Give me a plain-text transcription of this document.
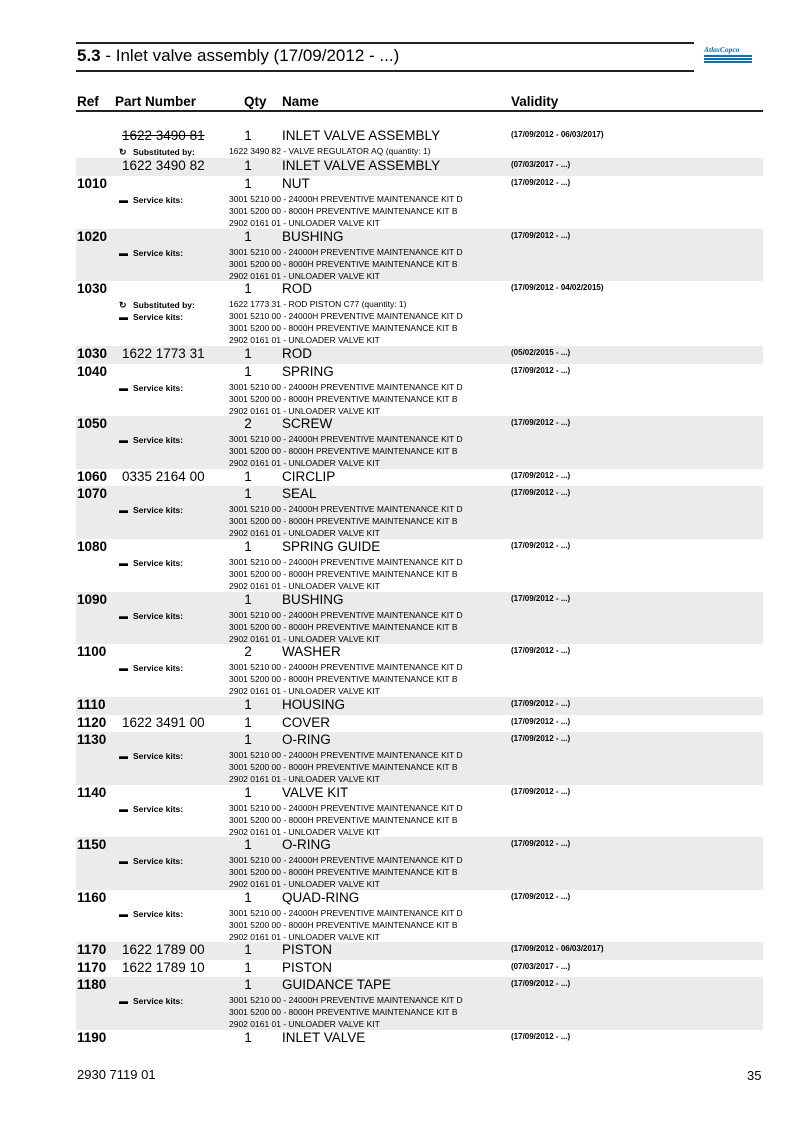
5.3 - Inlet valve assembly (17/09/2012 - ...)	AtlasCopco
Ref Part Number	Qty Name	Validity
1622 3490 81	1 INLET VALVE ASSEMBLY	(17/09/2012 - 06/03/2017)
↻ Substituted by:	1622 3490 82 - VALVE REGULATOR AQ (quantity: 1)
1622 3490 82	1 INLET VALVE ASSEMBLY	(07/03/2017 - ...)
1010	1 NUT	(17/09/2012 - ...)
▬ Service kits:	3001 5210 00 - 24000H PREVENTIVE MAINTENANCE KIT D
3001 5200 00 - 8000H PREVENTIVE MAINTENANCE KIT B
2902 0161 01 - UNLOADER VALVE KIT
1020	1 BUSHING	(17/09/2012 - ...)
▬ Service kits:	3001 5210 00 - 24000H PREVENTIVE MAINTENANCE KIT D
3001 5200 00 - 8000H PREVENTIVE MAINTENANCE KIT B
2902 0161 01 - UNLOADER VALVE KIT
1030	1 ROD	(17/09/2012 - 04/02/2015)
↻ Substituted by:	1622 1773 31 - ROD PISTON C77 (quantity: 1)
▬ Service kits:	3001 5210 00 - 24000H PREVENTIVE MAINTENANCE KIT D
3001 5200 00 - 8000H PREVENTIVE MAINTENANCE KIT B
2902 0161 01 - UNLOADER VALVE KIT
1030 1622 1773 31	1 ROD	(05/02/2015 - ...)
1040	1 SPRING	(17/09/2012 - ...)
▬ Service kits:	3001 5210 00 - 24000H PREVENTIVE MAINTENANCE KIT D
3001 5200 00 - 8000H PREVENTIVE MAINTENANCE KIT B
2902 0161 01 - UNLOADER VALVE KIT
1050	2 SCREW	(17/09/2012 - ...)
▬ Service kits:	3001 5210 00 - 24000H PREVENTIVE MAINTENANCE KIT D
3001 5200 00 - 8000H PREVENTIVE MAINTENANCE KIT B
2902 0161 01 - UNLOADER VALVE KIT
1060 0335 2164 00	1 CIRCLIP	(17/09/2012 - ...)
1070	1 SEAL	(17/09/2012 - ...)
▬ Service kits:	3001 5210 00 - 24000H PREVENTIVE MAINTENANCE KIT D
3001 5200 00 - 8000H PREVENTIVE MAINTENANCE KIT B
2902 0161 01 - UNLOADER VALVE KIT
1080	1 SPRING GUIDE	(17/09/2012 - ...)
▬ Service kits:	3001 5210 00 - 24000H PREVENTIVE MAINTENANCE KIT D
3001 5200 00 - 8000H PREVENTIVE MAINTENANCE KIT B
2902 0161 01 - UNLOADER VALVE KIT
1090	1 BUSHING	(17/09/2012 - ...)
▬ Service kits:	3001 5210 00 - 24000H PREVENTIVE MAINTENANCE KIT D
3001 5200 00 - 8000H PREVENTIVE MAINTENANCE KIT B
2902 0161 01 - UNLOADER VALVE KIT
1100	2 WASHER	(17/09/2012 - ...)
▬ Service kits:	3001 5210 00 - 24000H PREVENTIVE MAINTENANCE KIT D
3001 5200 00 - 8000H PREVENTIVE MAINTENANCE KIT B
2902 0161 01 - UNLOADER VALVE KIT
1110	1 HOUSING	(17/09/2012 - ...)
1120 1622 3491 00	1 COVER	(17/09/2012 - ...)
1130	1 O-RING	(17/09/2012 - ...)
▬ Service kits:	3001 5210 00 - 24000H PREVENTIVE MAINTENANCE KIT D
3001 5200 00 - 8000H PREVENTIVE MAINTENANCE KIT B
2902 0161 01 - UNLOADER VALVE KIT
1140	1 VALVE KIT	(17/09/2012 - ...)
▬ Service kits:	3001 5210 00 - 24000H PREVENTIVE MAINTENANCE KIT D
3001 5200 00 - 8000H PREVENTIVE MAINTENANCE KIT B
2902 0161 01 - UNLOADER VALVE KIT
1150	1 O-RING	(17/09/2012 - ...)
▬ Service kits:	3001 5210 00 - 24000H PREVENTIVE MAINTENANCE KIT D
3001 5200 00 - 8000H PREVENTIVE MAINTENANCE KIT B
2902 0161 01 - UNLOADER VALVE KIT
1160	1 QUAD-RING	(17/09/2012 - ...)
▬ Service kits:	3001 5210 00 - 24000H PREVENTIVE MAINTENANCE KIT D
3001 5200 00 - 8000H PREVENTIVE MAINTENANCE KIT B
2902 0161 01 - UNLOADER VALVE KIT
1170 1622 1789 00	1 PISTON	(17/09/2012 - 06/03/2017)
1170 1622 1789 10	1 PISTON	(07/03/2017 - ...)
1180	1 GUIDANCE TAPE	(17/09/2012 - ...)
▬ Service kits:	3001 5210 00 - 24000H PREVENTIVE MAINTENANCE KIT D
3001 5200 00 - 8000H PREVENTIVE MAINTENANCE KIT B
2902 0161 01 - UNLOADER VALVE KIT
1190	1 INLET VALVE	(17/09/2012 - ...)
2930 7119 01	35
